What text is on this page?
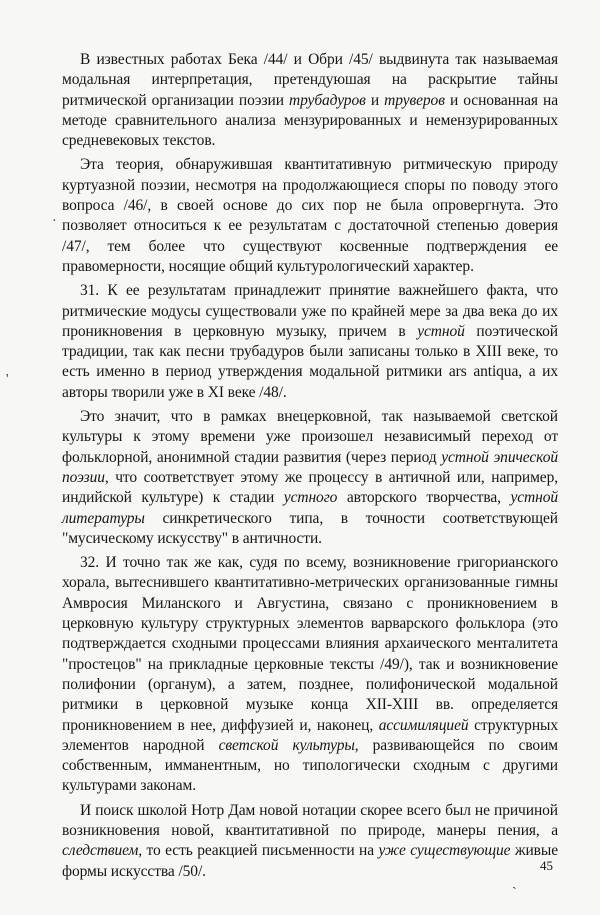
В известных работах Бека /44/ и Обри /45/ выдвинута так называемая модальная интерпретация, претендуюшая на раскрытие тайны ритмической организации поэзии трубадуров и труверов и основанная на методе сравнительного анализа мензурированных и немензурированных средневековых текстов.

Эта теория, обнаружившая квантитативную ритмическую природу куртуазной поэзии, несмотря на продолжающиеся споры по поводу этого вопроса /46/, в своей основе до сих пор не была опровергнута. Это позволяет относиться к ее результатам с достаточной степенью доверия /47/, тем более что существуют косвенные подтверждения ее правомерности, носящие общий культурологический характер.

31. К ее результатам принадлежит принятие важнейшего факта, что ритмические модусы существовали уже по крайней мере за два века до их проникновения в церковную музыку, причем в устной поэтической традиции, так как песни трубадуров были записаны только в XIII веке, то есть именно в период утверждения модальной ритмики ars antiqua, а их авторы творили уже в XI веке /48/.

Это значит, что в рамках внецерковной, так называемой светской культуры к этому времени уже произошел независимый переход от фольклорной, анонимной стадии развития (через период устной эпической поэзии, что соответствует этому же процессу в античной или, например, индийской культуре) к стадии устного авторского творчества, устной литературы синкретического типа, в точности соответствующей "мусическому искусству" в античности.

32. И точно так же как, судя по всему, возникновение григорианского хорала, вытеснившего квантитативно-метрических организованные гимны Амвросия Миланского и Августина, связано с проникновением в церковную культуру структурных элементов варварского фольклора (это подтверждается сходными процессами влияния архаического менталитета "простецов" на прикладные церковные тексты /49/), так и возникновение полифонии (органум), а затем, позднее, полифонической модальной ритмики в церковной музыке конца XII-XIII вв. определяется проникновением в нее, диффузией и, наконец, ассимиляцией структурных элементов народной светской культуры, развивающейся по своим собственным, имманентным, но типологически сходным с другими культурами законам.

И поиск школой Нотр Дам новой нотации скорее всего был не причиной возникновения новой, квантитативной по природе, манеры пения, а следствием, то есть реакцией письменности на уже существующие живые формы искусства /50/.	45
·
'
ˎ
